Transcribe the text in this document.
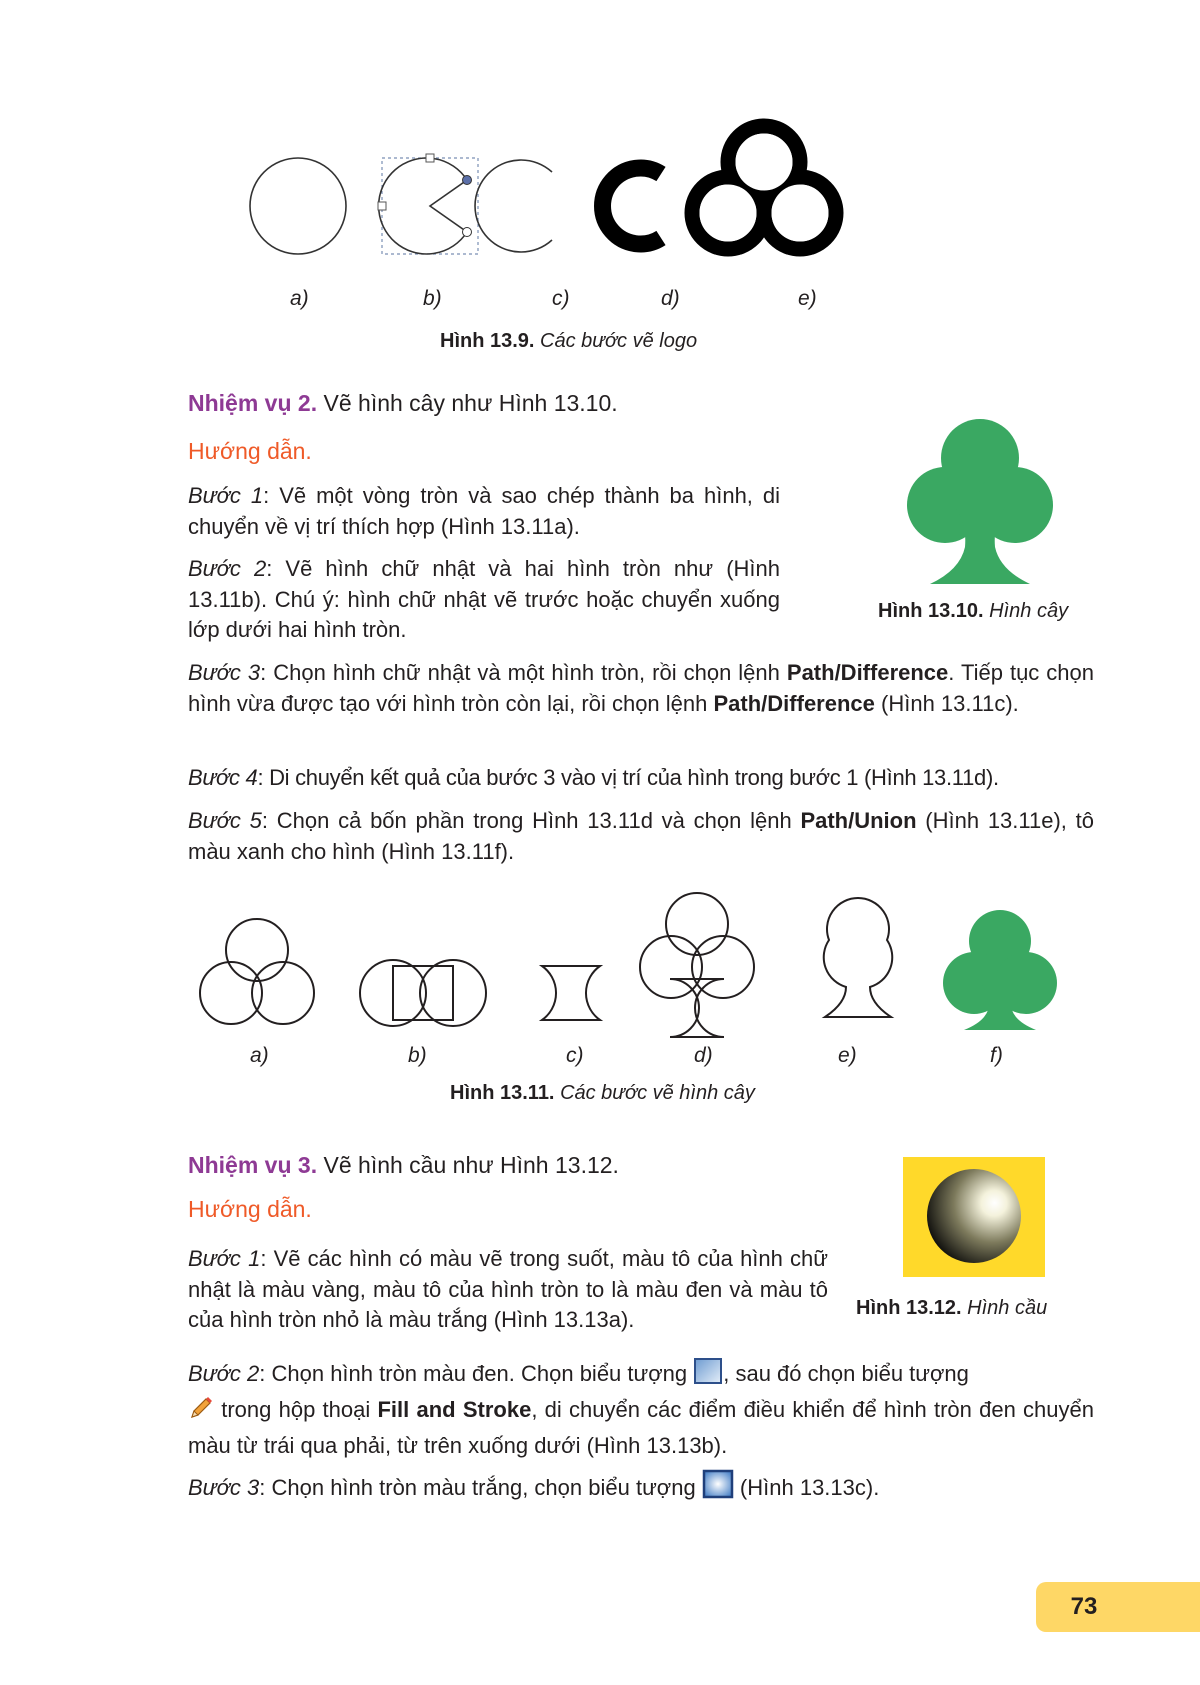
a)	b)	c)	d)	e)
Hình 13.9. Các bước vẽ logo
Nhiệm vụ 2. Vẽ hình cây như Hình 13.10.
Hướng dẫn.
Bước 1: Vẽ một vòng tròn và sao chép thành ba hình, di chuyển về vị trí thích hợp (Hình 13.11a).
Bước 2: Vẽ hình chữ nhật và hai hình tròn như (Hình 13.11b). Chú ý: hình chữ nhật vẽ trước hoặc chuyển xuống lớp dưới hai hình tròn.
Hình 13.10. Hình cây
Bước 3: Chọn hình chữ nhật và một hình tròn, rồi chọn lệnh Path/Difference. Tiếp tục chọn hình vừa được tạo với hình tròn còn lại, rồi chọn lệnh Path/Difference (Hình 13.11c).
Bước 4: Di chuyển kết quả của bước 3 vào vị trí của hình trong bước 1 (Hình 13.11d).
Bước 5: Chọn cả bốn phần trong Hình 13.11d và chọn lệnh Path/Union (Hình 13.11e), tô màu xanh cho hình (Hình 13.11f).
a)	b)	c)	d)	e)	f)
Hình 13.11. Các bước vẽ hình cây
Nhiệm vụ 3. Vẽ hình cầu như Hình 13.12.
Hướng dẫn.
Bước 1: Vẽ các hình có màu vẽ trong suốt, màu tô của hình chữ nhật là màu vàng, màu tô của hình tròn to là màu đen và màu tô của hình tròn nhỏ là màu trắng (Hình 13.13a).	Hình 13.12. Hình cầu
Bước 2: Chọn hình tròn màu đen. Chọn biểu tượng , sau đó chọn biểu tượng
trong hộp thoại Fill and Stroke, di chuyển các điểm điều khiển để hình tròn đen chuyển màu từ trái qua phải, từ trên xuống dưới (Hình 13.13b).
Bước 3: Chọn hình tròn màu trắng, chọn biểu tượng  (Hình 13.13c).
73
